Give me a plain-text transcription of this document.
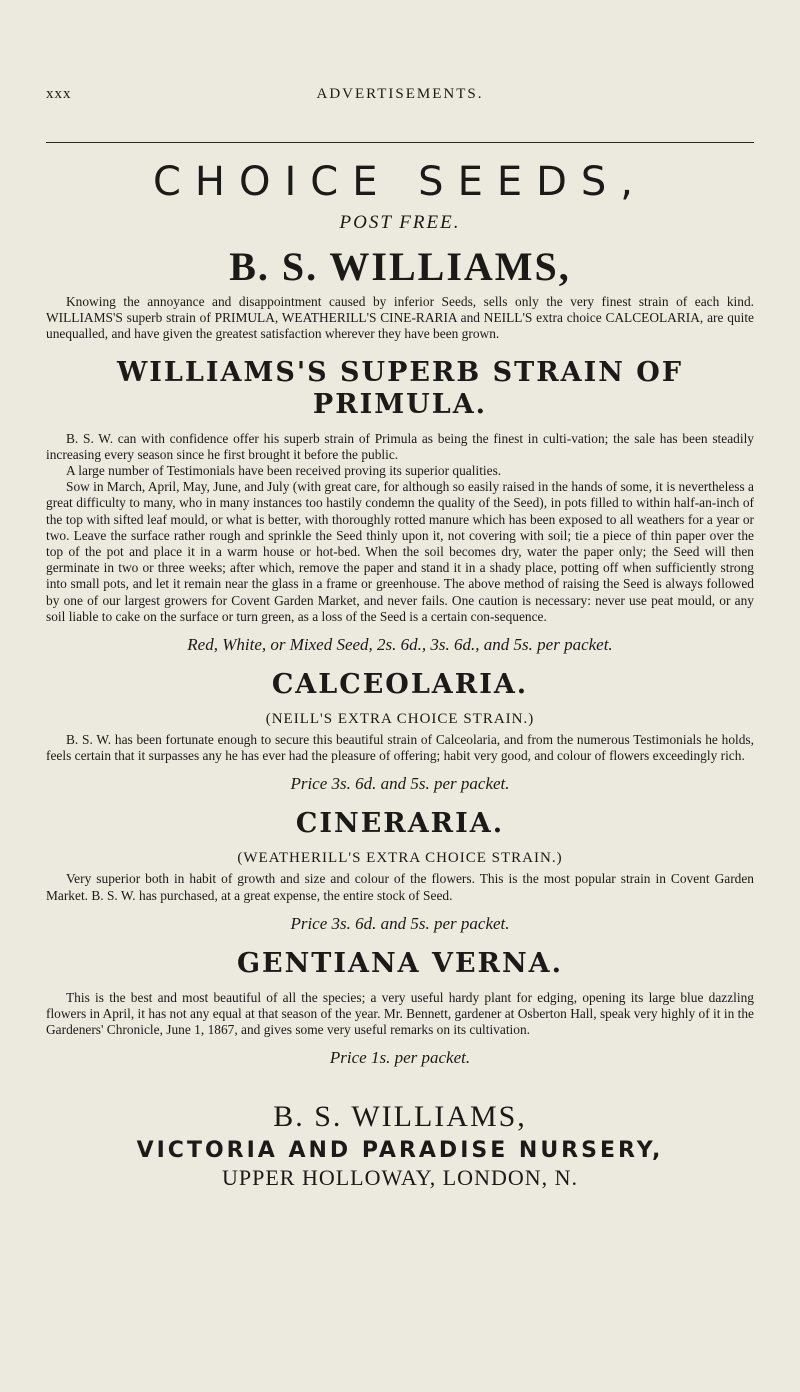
xxx	ADVERTISEMENTS.
CHOICE SEEDS,
POST FREE.
B. S. WILLIAMS,

Knowing the annoyance and disappointment caused by inferior Seeds, sells only the very finest strain of each kind. WILLIAMS'S superb strain of PRIMULA, WEATHERILL'S CINE-RARIA and NEILL'S extra choice CALCEOLARIA, are quite unequalled, and have given the greatest satisfaction wherever they have been grown.

WILLIAMS'S SUPERB STRAIN OF PRIMULA.

B. S. W. can with confidence offer his superb strain of Primula as being the finest in culti-vation; the sale has been steadily increasing every season since he first brought it before the public.

A large number of Testimonials have been received proving its superior qualities.

Sow in March, April, May, June, and July (with great care, for although so easily raised in the hands of some, it is nevertheless a great difficulty to many, who in many instances too hastily condemn the quality of the Seed), in pots filled to within half-an-inch of the top with sifted leaf mould, or what is better, with thoroughly rotted manure which has been exposed to all weathers for a year or two. Leave the surface rather rough and sprinkle the Seed thinly upon it, not covering with soil; tie a piece of thin paper over the top of the pot and place it in a warm house or hot-bed. When the soil becomes dry, water the paper only; the Seed will then germinate in two or three weeks; after which, remove the paper and stand it in a shady place, potting off when sufficiently strong into small pots, and let it remain near the glass in a frame or greenhouse. The above method of raising the Seed is always followed by one of our largest growers for Covent Garden Market, and never fails. One caution is necessary: never use peat mould, or any soil liable to cake on the surface or turn green, as a loss of the Seed is a certain con-sequence.

Red, White, or Mixed Seed, 2s. 6d., 3s. 6d., and 5s. per packet.
CALCEOLARIA.
(NEILL'S EXTRA CHOICE STRAIN.)

B. S. W. has been fortunate enough to secure this beautiful strain of Calceolaria, and from the numerous Testimonials he holds, feels certain that it surpasses any he has ever had the pleasure of offering; habit very good, and colour of flowers exceedingly rich.

Price 3s. 6d. and 5s. per packet.
CINERARIA.
(WEATHERILL'S EXTRA CHOICE STRAIN.)

Very superior both in habit of growth and size and colour of the flowers. This is the most popular strain in Covent Garden Market. B. S. W. has purchased, at a great expense, the entire stock of Seed.

Price 3s. 6d. and 5s. per packet.
GENTIANA VERNA.

This is the best and most beautiful of all the species; a very useful hardy plant for edging, opening its large blue dazzling flowers in April, it has not any equal at that season of the year. Mr. Bennett, gardener at Osberton Hall, speak very highly of it in the Gardeners' Chronicle, June 1, 1867, and gives some very useful remarks on its cultivation.

Price 1s. per packet.
B. S. WILLIAMS,
VICTORIA AND PARADISE NURSERY,
UPPER HOLLOWAY, LONDON, N.
